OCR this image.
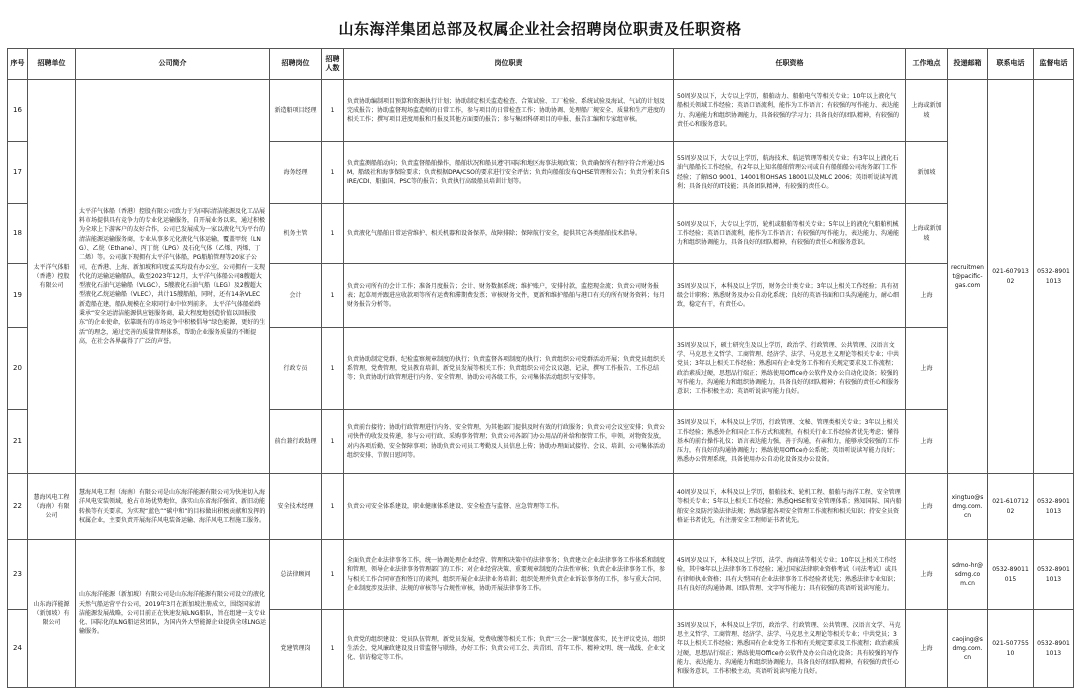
山东海洋集团总部及权属企业社会招聘岗位职责及任职资格
序号	招聘单位	公司简介	招聘岗位	招聘人数	岗位职责	任职资格	工作地点	投递邮箱	联系电话	监督电话
16	太平洋气体船（香港）控股有限公司	太平洋气体船（香港）控股有限公司致力于为国际清洁能源及化工品展料市场提供具有竞争力的专业化运输服务，自开展业务以来，通过积极为全球上下游客户的友好合作，公司已发展成为一家以液化气为平台的清洁能源运输服务商，专业从事多元化液化气体运输，覆盖甲烷（LNG）、乙烷（Ethane）、丙丁烷（LPG）及石化气体（乙烯、丙烯、丁二烯）等。公司旗下现拥有太平洋气体船，PG船舶管理等20家子公司，在香港、上海、新加坡和印度孟买均设有办公室，公司拥有一支现代化的运输运输船队，截至2023年12月，太平洋气体船公司8艘超大型液化石油气运输船（VLGC），5艘液化石油气船（LEG）及2艘超大型液化乙烷运输船（VLEC），共计15艘船舶，同时，还有14条VLEC新造船在建，船队规模在全球同行业中位列前茅。 太平洋气体船始终秉承“安全运清洁能源供应链服务商，最大程度地创造价值以回报股东”的企业使命，依靠既有的市场竞争中积极倡导“绿色能源，更好的生活”的理念，通过完善的质量管理体系，帮助企业服务质量的不断提高，在社会各界赢得了广泛的声誉。	新造船项目经理	1	负责协助编制项目预算和资源执行计划；协助制定相关监造检查、合策试验、工厂检验、系统试验及海试、气试的计划及完成报告；协助监督现场监造师的日常工作，参与项目的日常检查工作；协助协调、处理船厂规安全、质量和生产进度的相关工作；撰写项目进度周报和月报及其他方面要的报告；参与集团科研项目的申报、报告汇编和专家组审核。	50周岁及以下，大专以上学历，船舶动力、船舶电气等相关专业；10年以上液化气船相关领域工作经验；英语口语流利，能作为工作语言；有较强的写作能力、表达能力、沟通能力和组织协调能力，具备较强的学习力；具备良好的团队精神，有较强的责任心和服务意识。	上海或新加坡	recruitment@pacific-gas.com	021-60791302	0532-89011013
17			海务经理	1	负责监测船舶动向；负责监督船舶操作，船舶状况和船员遵守国际和地区海事法规政策；负责确保所有程序符合并通过ISM，船级社和海事保险要求；负责根据DPA/CSO的要求进行安全评估；负责向船舶发布QHSE管理和公告；负责分析来自SIRE/CDI、船旗国、PSC等的报告；负责执行高级船员培训计划等。	55周岁及以下，大专以上学历，航海技术、航运管理等相关专业；有3年以上液化石油气船船长工作经验，有2年以上知名船舶管理公司或自有船舶船公司海务部门工作经验；了解ISO 9001、14001和OHSAS 18001以及MLC 2006；英语听说读写流利；具备良好的IT技能；具备团队精神，有较强的责任心。	新加坡			
18			机务主管	1	负责液化气船舶日常运营维护、相关机器和设备保养，故障排除；保障航行安全，提供其它各类船舶技术指导。	50周岁及以下，大专以上学历，轮机或船舶等相关专业；5年以上的液化气船舶机械工作经验；英语口语流利，能作为工作语言；有较强的写作能力，表达能力、沟通能力和组织协调能力，具备良好的团队精神，有较强的责任心和服务意识。	上海或新加坡			
19			会计	1	负责公司所有的会计工作；准备月度报告；会计、财务数据系统；维护账户，安排付款，监控现金流；负责公司财务报表；起草周并跟进应收款项等所有运费和滞期费发票；审核财务文件，更新和维护船舶与港口有关的所有财务资料；每月财务报告分析等。	35周岁及以下，本科及以上学历，财务会计类专业；3年以上相关工作经验；具有初级会计职称；熟悉财务及办公自动化系统；良好的英语书面和口头沟通能力，耐心细致，稳定有干，有责任心。	上海			
20			行政专员	1	负责协助制定党群、纪检监察规章制度的执行；负责监督各项制度的执行；负责组织公司党群活动开展；负责党员组织关系管理，党费管理，党员教育培训、新党员发展等相关工作；负责组织公司会议议题、记录，撰写工作报告、工作总结等；负责协助行政管理进行内务、安全管理、协助公司各级工作，公司集体活动组织与安排等。	35周岁及以下，硕士研究生及以上学历，政治学、行政管理、公共管理、汉语言文学、马克思主义哲学、工商管理、经济学、法学、马克思主义理论等相关专业；中共党员；3年以上相关工作经验；熟悉国有企业党务工作和有关规定要求及工作流程；政治素质过硬，思想品行端正；熟练使用Office办公软件及办公自动化设备；较强的写作能力，沟通能力和组织协调能力，具备良好的团队精神；有较强的责任心和服务意识；工作积极主动；英语听说读写能力良好。	上海			
21			前台兼行政助理	1	负责前台接待；协助行政管理进行内务、安全管理，为其他部门提供及时有效的行政服务；负责公司会议室安排；负责公司快件的收发及传递，参与公司行政、采购事务管理；负责公司各部门办公用品的补给和保管工作，申领，对物资发放，对内各项后勤、安全保障事项；协助负责公司员工考勤及人员信息上传；协助办理面试接待、会议、培训、公司集体活动组织安排、节假日慰问等。	35周岁及以下，本科及以上学历，行政管理、文秘、管理类相关专业；3年以上相关工作经验；熟悉外企和国企工作方式和流程，有相关行业工作经验者优先考虑；懂得基本的前台操作礼仪；语言表达能力强，善于沟通，有亲和力，能够承受较强的工作压力，有良好的沟通协调能力；熟练使用Office办公系统；英语听说读写能力良好；熟悉办公管理系统，具备使用办公自动化设备及办公设备。	上海			
22	慧海风电工程（海南）有限公司	慧海风电工程（海南）有限公司是山东海洋能源有限公司为快速切入海洋风电安装领域，抢占市场优势地位，落实山东省海洋强省、新旧动能转换等有关要求，为实现“蓝色”“碳中和”的目标做出积极贡献和发挥的权属企业，主要负责开展海洋风电装备运输、海洋风电工程施工服务。	安全技术经理	1	负责公司安全体系建设，职业健康体系建设、安全检查与监督、应急管理等工作。	40周岁及以下，本科及以上学历，船舶技术、轮机工程、船舶与海洋工程、安全管理等相关专业；5年以上相关工作经验；熟悉QHSE和安全管理体系；熟知国际、国内船舶安全及防污染法律法规；熟练掌握各项安全管理工作流程和相关知识；持安全员资格证书者优先，有注册安全工程师证书者优先。	上海	xingtuo@sdmg.com.cn	021-61071202	0532-89011013
23	山东海洋能源（新加坡）有限公司	山东海洋能源（新加坡）有限公司是山东海洋能源有限公司设立的液化天然气船运营平台公司，2019年3月在新加坡注册成立，围绕国家清洁能源发展战略，公司目前正在快速发展LNG船队，旨在组建一支专业化、国际化的LNG船运营团队，为国内外大型能源企业提供全球LNG运输服务。	总法律顾问	1	全面负责企业法律事务工作，统一协调处理企业经营、管理和决策中的法律事务；负责建立企业法律事务工作体系和制度和管理，领导企业法律事务管理部门的工作；对企业经营决策、重要规章制度的合法性审核；负责企业法律事务工作，参与相关工作合同审查和签订的谈判，组织开展企业法律业务培训；组织处理并负责企业诉讼事务的工作，参与重大合同、企业制度涉及法律、法规的审核等与合规性审核，协助开展法律事务工作。	45周岁及以下，本科及以上学历，法学、海商法等相关专业；10年以上相关工作经验，其中8年以上法律事务工作经验；通过国家法律职业资格考试（司法考试）或具有律师执业资格；具有大型国有企业法律事务工作经验者优先；熟悉法律专业知识；具有良好的沟通协调、团队管理、文字写作能力；具有较强的英语听说读写能力。	上海	sdmo-hr@sdmg.com.cn	0532-89011015	0532-89011013
24			党建管理岗	1	负责党的组织建设：党员队伍管理，新党员发展，党费收缴等相关工作；负责“三会一课”制度落实，民主评议党员、组织生活会，党风廉政建设及日常监督与联络，办好工作；负责公司工会、共青团、青年工作、精神文明、统一战线、企业文化、信访稳定等工作。	35周岁及以下，本科及以上学历，政治学、行政管理、公共管理、汉语言文学、马克思主义哲学、工商管理、经济学、法学、马克思主义理论等相关专业；中共党员；3年以上相关工作经验；熟悉国有企业党务工作和有关规定要求及工作流程；政治素质过硬，思想品行端正；熟练使用Office办公软件及办公自动化设备；具有较强的写作能力、表达能力、沟通能力和组织协调能力，具备良好的团队精神，有较强的责任心和服务意识，工作积极主动，英语听说读写能力良好。	上海	caojing@sdmg.com.cn	021-50775510	0532-89011013
